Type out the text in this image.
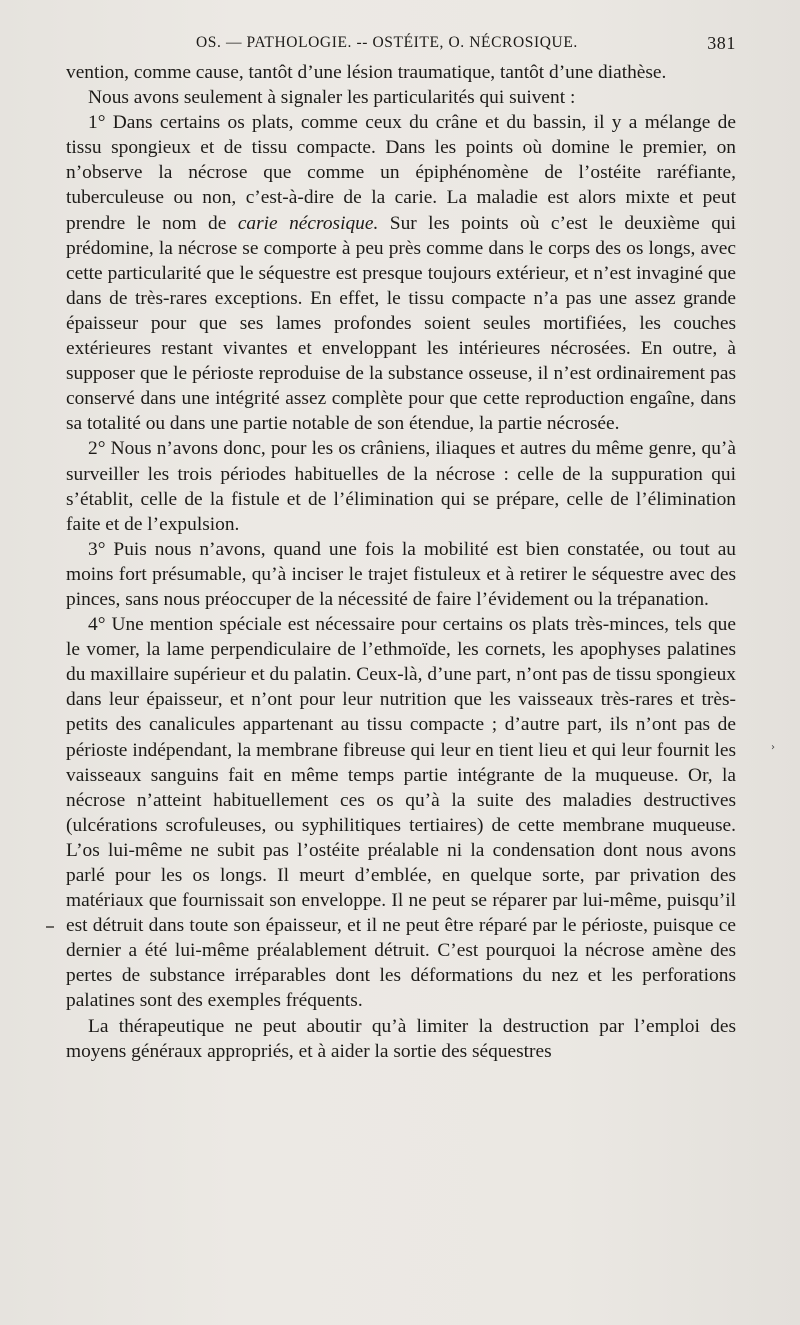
OS. — PATHOLOGIE. -- OSTÉITE, O. NÉCROSIQUE.	381

vention, comme cause, tantôt d’une lésion traumatique, tantôt d’une diathèse.

Nous avons seulement à signaler les particularités qui suivent :

1° Dans certains os plats, comme ceux du crâne et du bassin, il y a mélange de tissu spongieux et de tissu compacte. Dans les points où domine le premier, on n’observe la nécrose que comme un épiphénomène de l’ostéite raréfiante, tuberculeuse ou non, c’est-à-dire de la carie. La maladie est alors mixte et peut prendre le nom de carie nécrosique. Sur les points où c’est le deuxième qui prédomine, la nécrose se comporte à peu près comme dans le corps des os longs, avec cette particularité que le séquestre est presque toujours extérieur, et n’est invaginé que dans de très-rares exceptions. En effet, le tissu compacte n’a pas une assez grande épaisseur pour que ses lames profondes soient seules mortifiées, les couches extérieures restant vivantes et enveloppant les intérieures nécrosées. En outre, à supposer que le périoste reproduise de la substance osseuse, il n’est ordinairement pas conservé dans une intégrité assez complète pour que cette reproduction engaîne, dans sa totalité ou dans une partie notable de son étendue, la partie nécrosée.

2° Nous n’avons donc, pour les os crâniens, iliaques et autres du même genre, qu’à surveiller les trois périodes habituelles de la nécrose : celle de la suppuration qui s’établit, celle de la fistule et de l’élimination qui se prépare, celle de l’élimination faite et de l’expulsion.

3° Puis nous n’avons, quand une fois la mobilité est bien constatée, ou tout au moins fort présumable, qu’à inciser le trajet fistuleux et à retirer le séquestre avec des pinces, sans nous préoccuper de la nécessité de faire l’évidement ou la trépanation.

4° Une mention spéciale est nécessaire pour certains os plats très-minces, tels que le vomer, la lame perpendiculaire de l’ethmoïde, les cornets, les apophyses palatines du maxillaire supérieur et du palatin. Ceux-là, d’une part, n’ont pas de tissu spongieux dans leur épaisseur, et n’ont pour leur nutrition que les vaisseaux très-rares et très-petits des canalicules appartenant au tissu compacte ; d’autre part, ils n’ont pas de périoste indépendant, la membrane fibreuse qui leur en tient lieu et qui leur fournit les vaisseaux sanguins fait en même temps partie intégrante de la muqueuse. Or, la nécrose n’atteint habituellement ces os qu’à la suite des maladies destructives (ulcérations scrofuleuses, ou syphilitiques tertiaires) de cette membrane muqueuse. L’os lui-même ne subit pas l’ostéite préalable ni la condensation dont nous avons parlé pour les os longs. Il meurt d’emblée, en quelque sorte, par privation des matériaux que fournissait son enveloppe. Il ne peut se réparer par lui-même, puisqu’il est détruit dans toute son épaisseur, et il ne peut être réparé par le périoste, puisque ce dernier a été lui-même préalablement détruit. C’est pourquoi la nécrose amène des pertes de substance irréparables dont les déformations du nez et les perforations palatines sont des exemples fréquents.

La thérapeutique ne peut aboutir qu’à limiter la destruction par l’emploi des moyens généraux appropriés, et à aider la sortie des séquestres

›
